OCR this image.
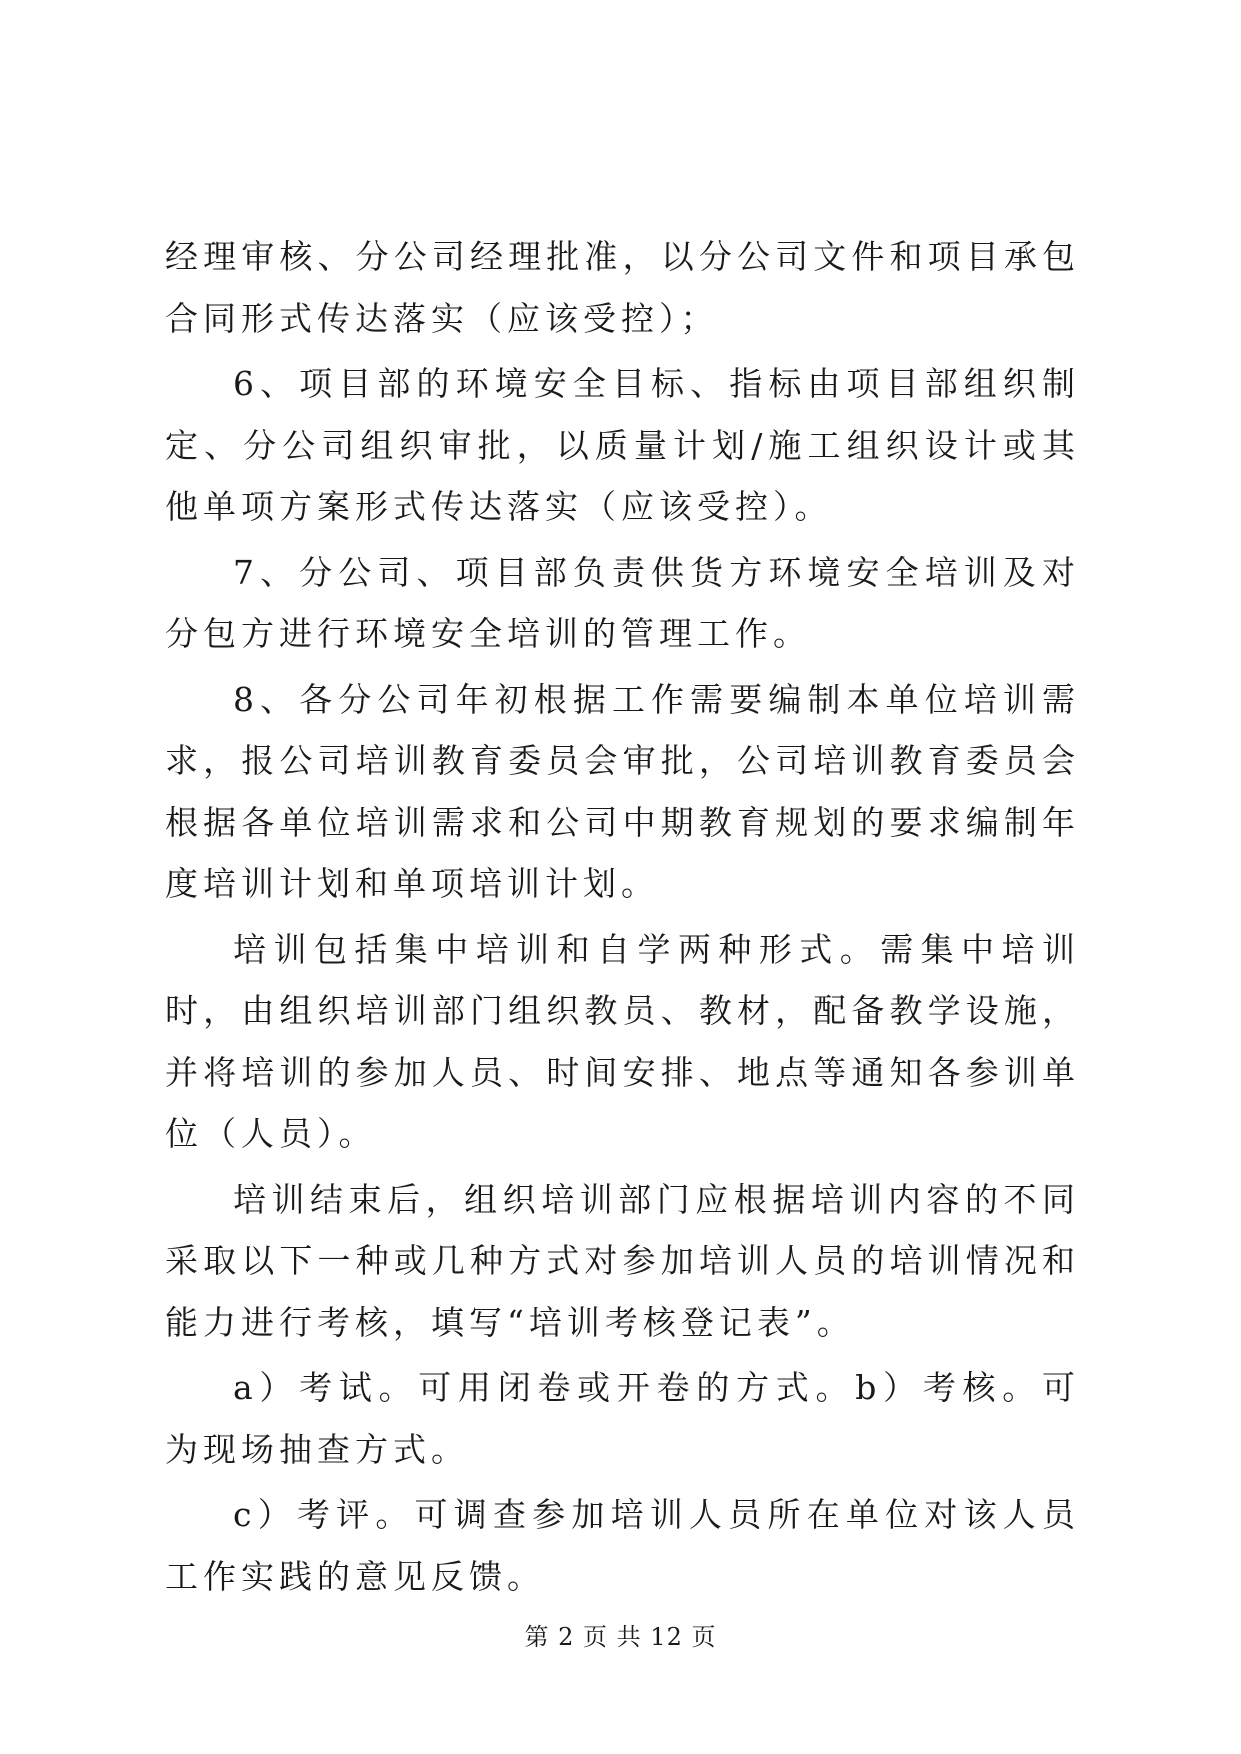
经理审核、分公司经理批准，以分公司文件和项目承包合同形式传达落实（应该受控）；

6、项目部的环境安全目标、指标由项目部组织制定、分公司组织审批，以质量计划/施工组织设计或其他单项方案形式传达落实（应该受控）。

7、分公司、项目部负责供货方环境安全培训及对分包方进行环境安全培训的管理工作。

8、各分公司年初根据工作需要编制本单位培训需求，报公司培训教育委员会审批，公司培训教育委员会根据各单位培训需求和公司中期教育规划的要求编制年度培训计划和单项培训计划。

培训包括集中培训和自学两种形式。需集中培训时，由组织培训部门组织教员、教材，配备教学设施，并将培训的参加人员、时间安排、地点等通知各参训单位（人员）。

培训结束后，组织培训部门应根据培训内容的不同采取以下一种或几种方式对参加培训人员的培训情况和能力进行考核，填写“培训考核登记表”。

a）考试。可用闭卷或开卷的方式。b）考核。可为现场抽查方式。

c）考评。可调查参加培训人员所在单位对该人员工作实践的意见反馈。

第 2 页 共 12 页
